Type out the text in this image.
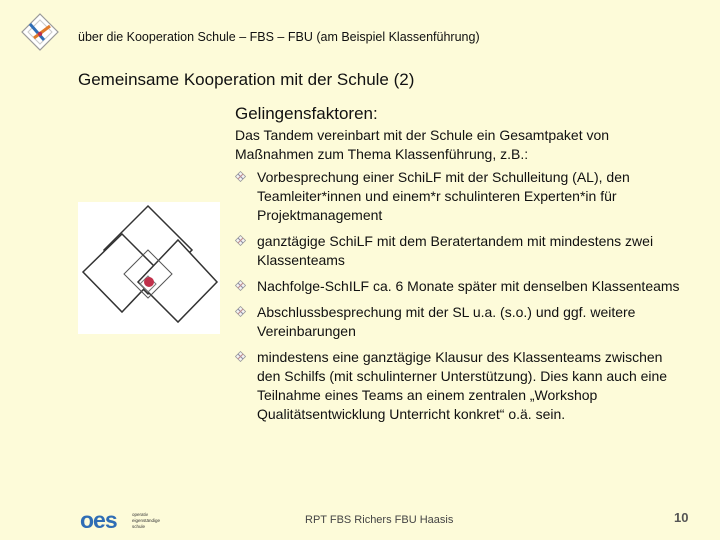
über die Kooperation Schule – FBS – FBU (am Beispiel Klassenführung)
Gemeinsame Kooperation mit der Schule (2)
Gelingensfaktoren:
Das Tandem vereinbart mit der Schule ein Gesamtpaket von Maßnahmen zum Thema Klassenführung, z.B.:
Vorbesprechung einer SchiLF mit der Schulleitung (AL), den Teamleiter*innen und einem*r schulinteren Experten*in für Projektmanagement
ganztägige SchiLF mit dem Beratertandem mit mindestens zwei Klassenteams
Nachfolge-SchILF ca. 6 Monate später mit denselben Klassenteams
Abschlussbesprechung mit der SL u.a. (s.o.) und ggf. weitere Vereinbarungen
mindestens eine ganztägige Klausur des Klassenteams zwischen den Schilfs (mit schulinterner Unterstützung). Dies kann auch eine Teilnahme eines Teams an einem zentralen „Workshop Qualitätsentwicklung Unterricht konkret“ o.ä. sein.
oes	operativ
eigenständige
schule
RPT FBS Richers FBU Haasis	10
